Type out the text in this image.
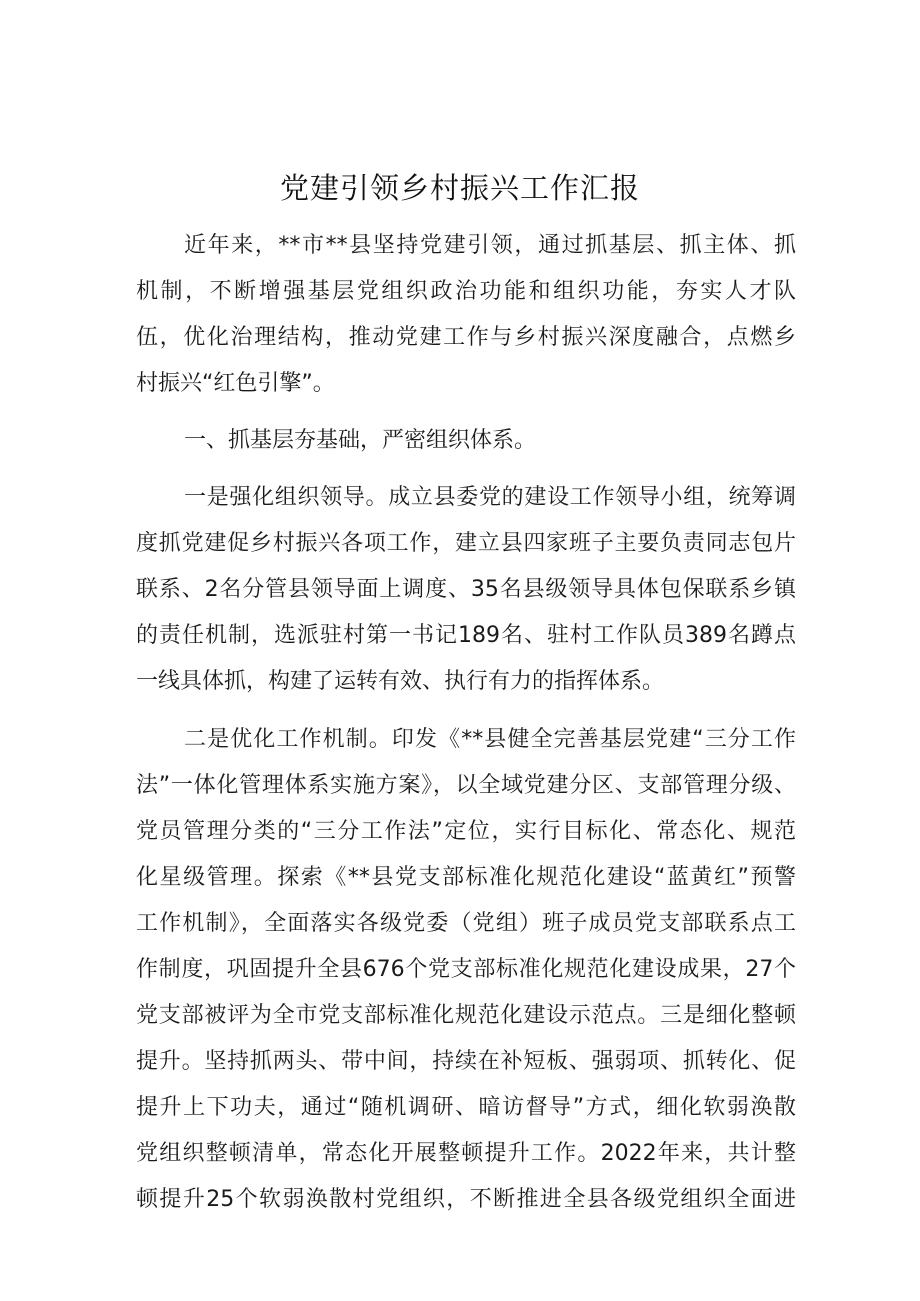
党建引领乡村振兴工作汇报

近年来，**市**县坚持党建引领，通过抓基层、抓主体、抓

机制，不断增强基层党组织政治功能和组织功能，夯实人才队

伍，优化治理结构，推动党建工作与乡村振兴深度融合，点燃乡

村振兴“红色引擎”。

一、抓基层夯基础，严密组织体系。

一是强化组织领导。成立县委党的建设工作领导小组，统筹调

度抓党建促乡村振兴各项工作，建立县四家班子主要负责同志包片

联系、2名分管县领导面上调度、35名县级领导具体包保联系乡镇

的责任机制，选派驻村第一书记189名、驻村工作队员389名蹲点

一线具体抓，构建了运转有效、执行有力的指挥体系。

二是优化工作机制。印发《**县健全完善基层党建“三分工作

法”一体化管理体系实施方案》，以全域党建分区、支部管理分级、

党员管理分类的“三分工作法”定位，实行目标化、常态化、规范

化星级管理。探索《**县党支部标准化规范化建设“蓝黄红”预警

工作机制》，全面落实各级党委（党组）班子成员党支部联系点工

作制度，巩固提升全县676个党支部标准化规范化建设成果，27个

党支部被评为全市党支部标准化规范化建设示范点。三是细化整顿

提升。坚持抓两头、带中间，持续在补短板、强弱项、抓转化、促

提升上下功夫，通过“随机调研、暗访督导”方式，细化软弱涣散

党组织整顿清单，常态化开展整顿提升工作。2022年来，共计整

顿提升25个软弱涣散村党组织，不断推进全县各级党组织全面进
